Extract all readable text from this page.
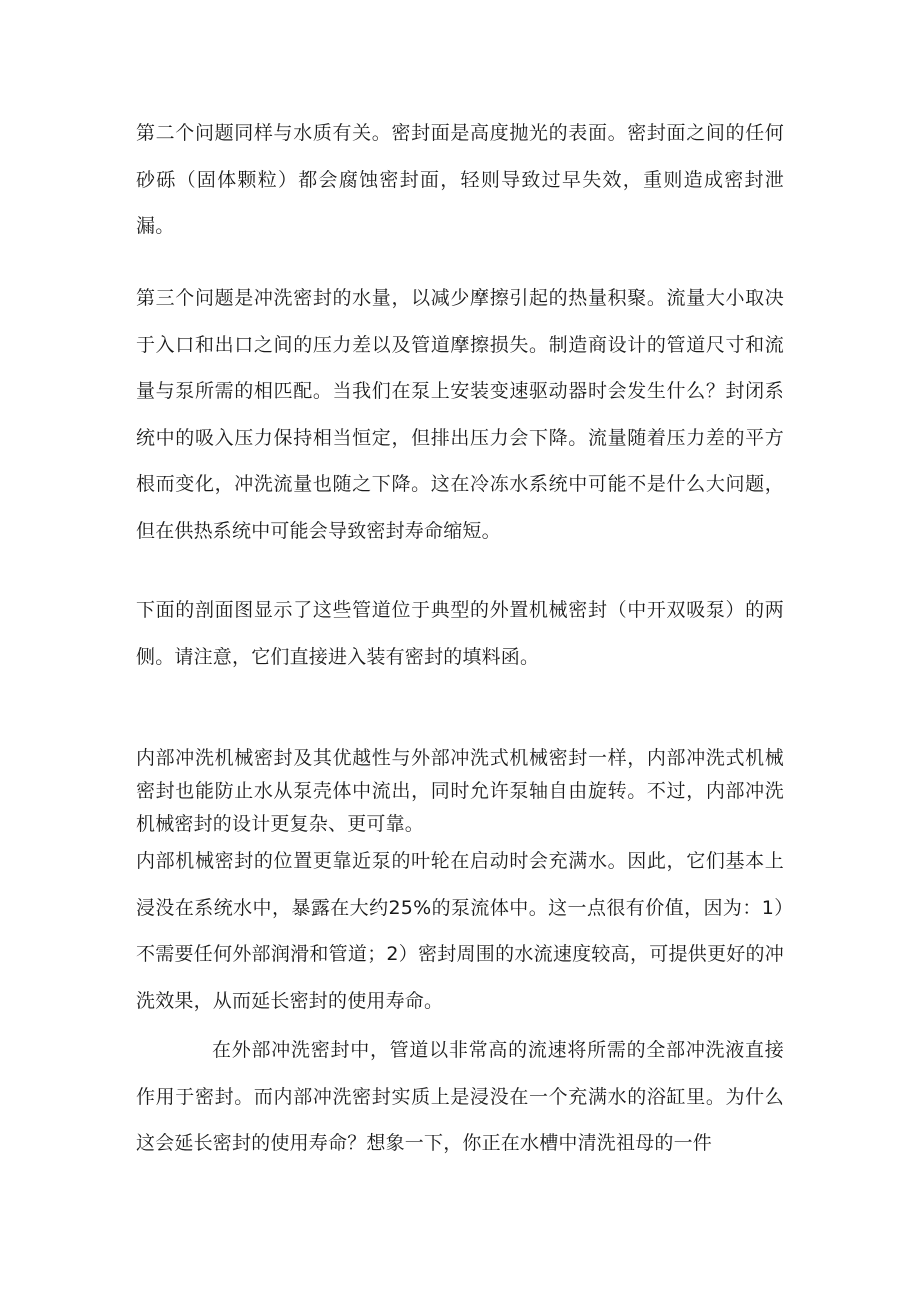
第二个问题同样与水质有关。密封面是高度抛光的表面。密封面之间的任何砂砾（固体颗粒）都会腐蚀密封面，轻则导致过早失效，重则造成密封泄漏。

第三个问题是冲洗密封的水量，以减少摩擦引起的热量积聚。流量大小取决于入口和出口之间的压力差以及管道摩擦损失。制造商设计的管道尺寸和流量与泵所需的相匹配。当我们在泵上安装变速驱动器时会发生什么？封闭系统中的吸入压力保持相当恒定，但排出压力会下降。流量随着压力差的平方根而变化，冲洗流量也随之下降。这在冷冻水系统中可能不是什么大问题，但在供热系统中可能会导致密封寿命缩短。

下面的剖面图显示了这些管道位于典型的外置机械密封（中开双吸泵）的两侧。请注意，它们直接进入装有密封的填料函。

内部冲洗机械密封及其优越性与外部冲洗式机械密封一样，内部冲洗式机械密封也能防止水从泵壳体中流出，同时允许泵轴自由旋转。不过，内部冲洗机械密封的设计更复杂、更可靠。

内部机械密封的位置更靠近泵的叶轮在启动时会充满水。因此，它们基本上浸没在系统水中，暴露在大约25%的泵流体中。这一点很有价值，因为：1）不需要任何外部润滑和管道；2）密封周围的水流速度较高，可提供更好的冲洗效果，从而延长密封的使用寿命。

在外部冲洗密封中，管道以非常高的流速将所需的全部冲洗液直接作用于密封。而内部冲洗密封实质上是浸没在一个充满水的浴缸里。为什么这会延长密封的使用寿命？想象一下，你正在水槽中清洗祖母的一件
